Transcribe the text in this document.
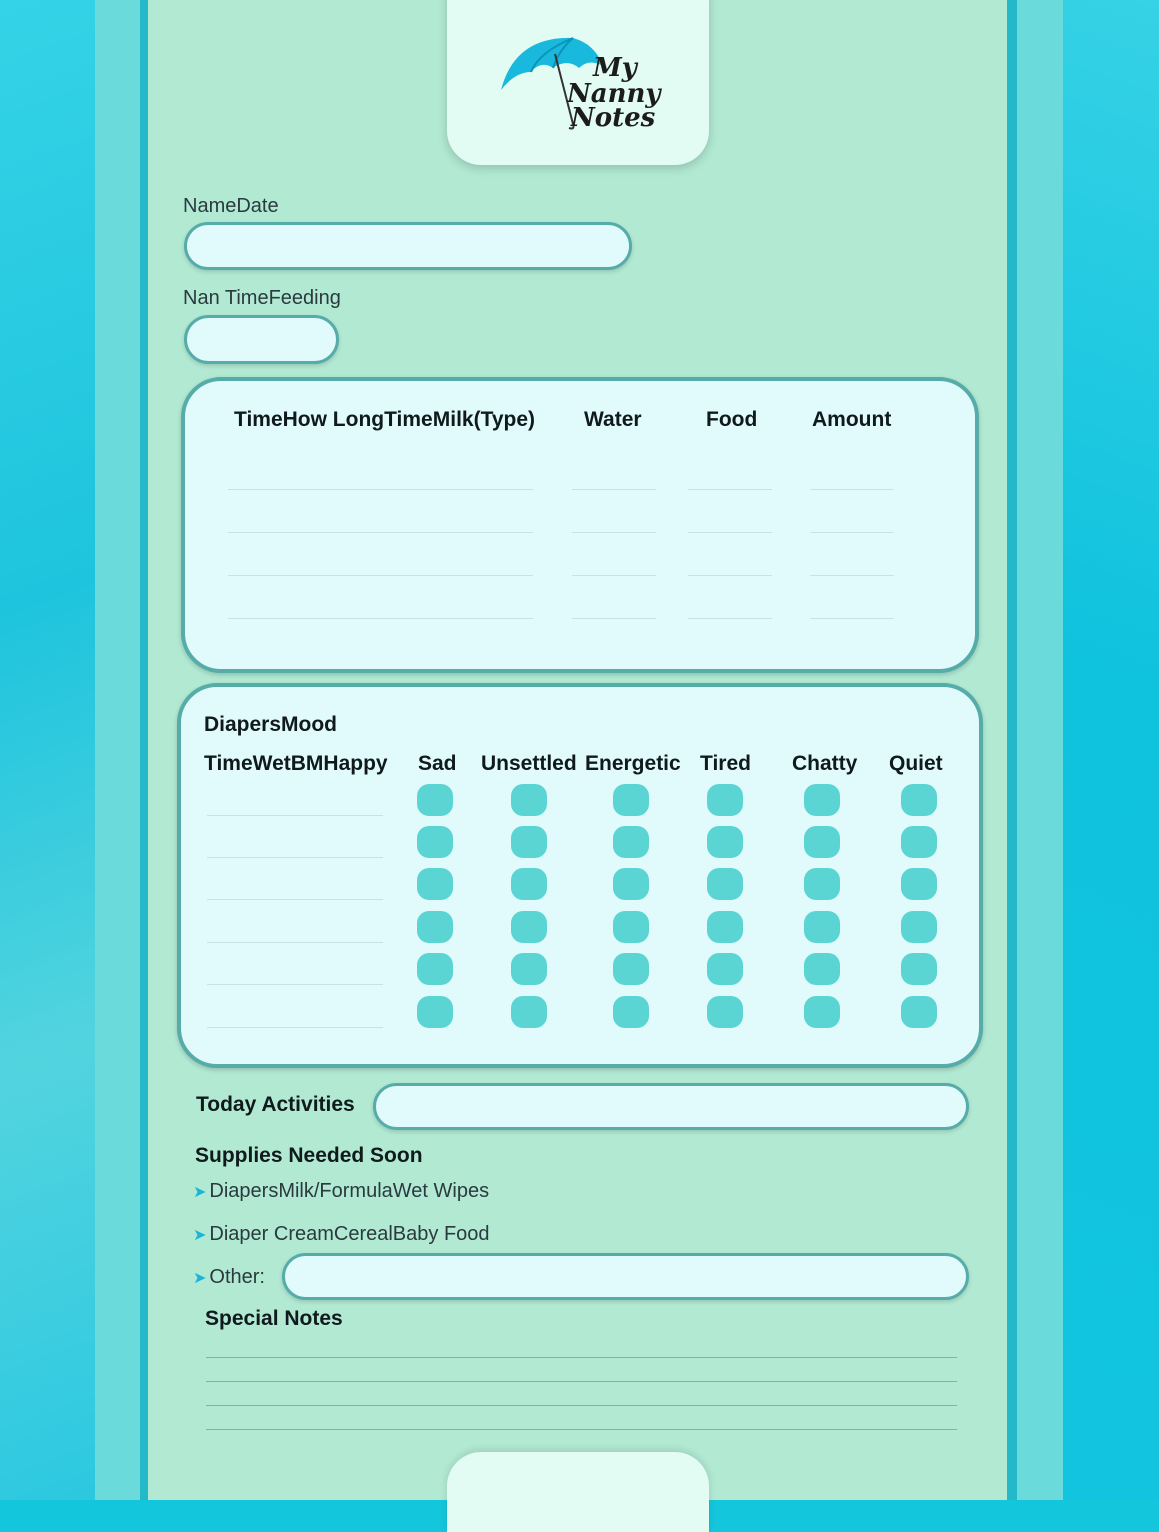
My
Nanny
Notes
NameDate
Nan TimeFeeding
TimeHow LongTimeMilk(Type) Water	Food	Amount
DiapersMood
TimeWetBMHappy Sad Unsettled Energetic Tired Chatty Quiet
Today Activities
Supplies Needed Soon
➤ DiapersMilk/FormulaWet Wipes
➤ Diaper CreamCerealBaby Food
➤ Other:
Special Notes
